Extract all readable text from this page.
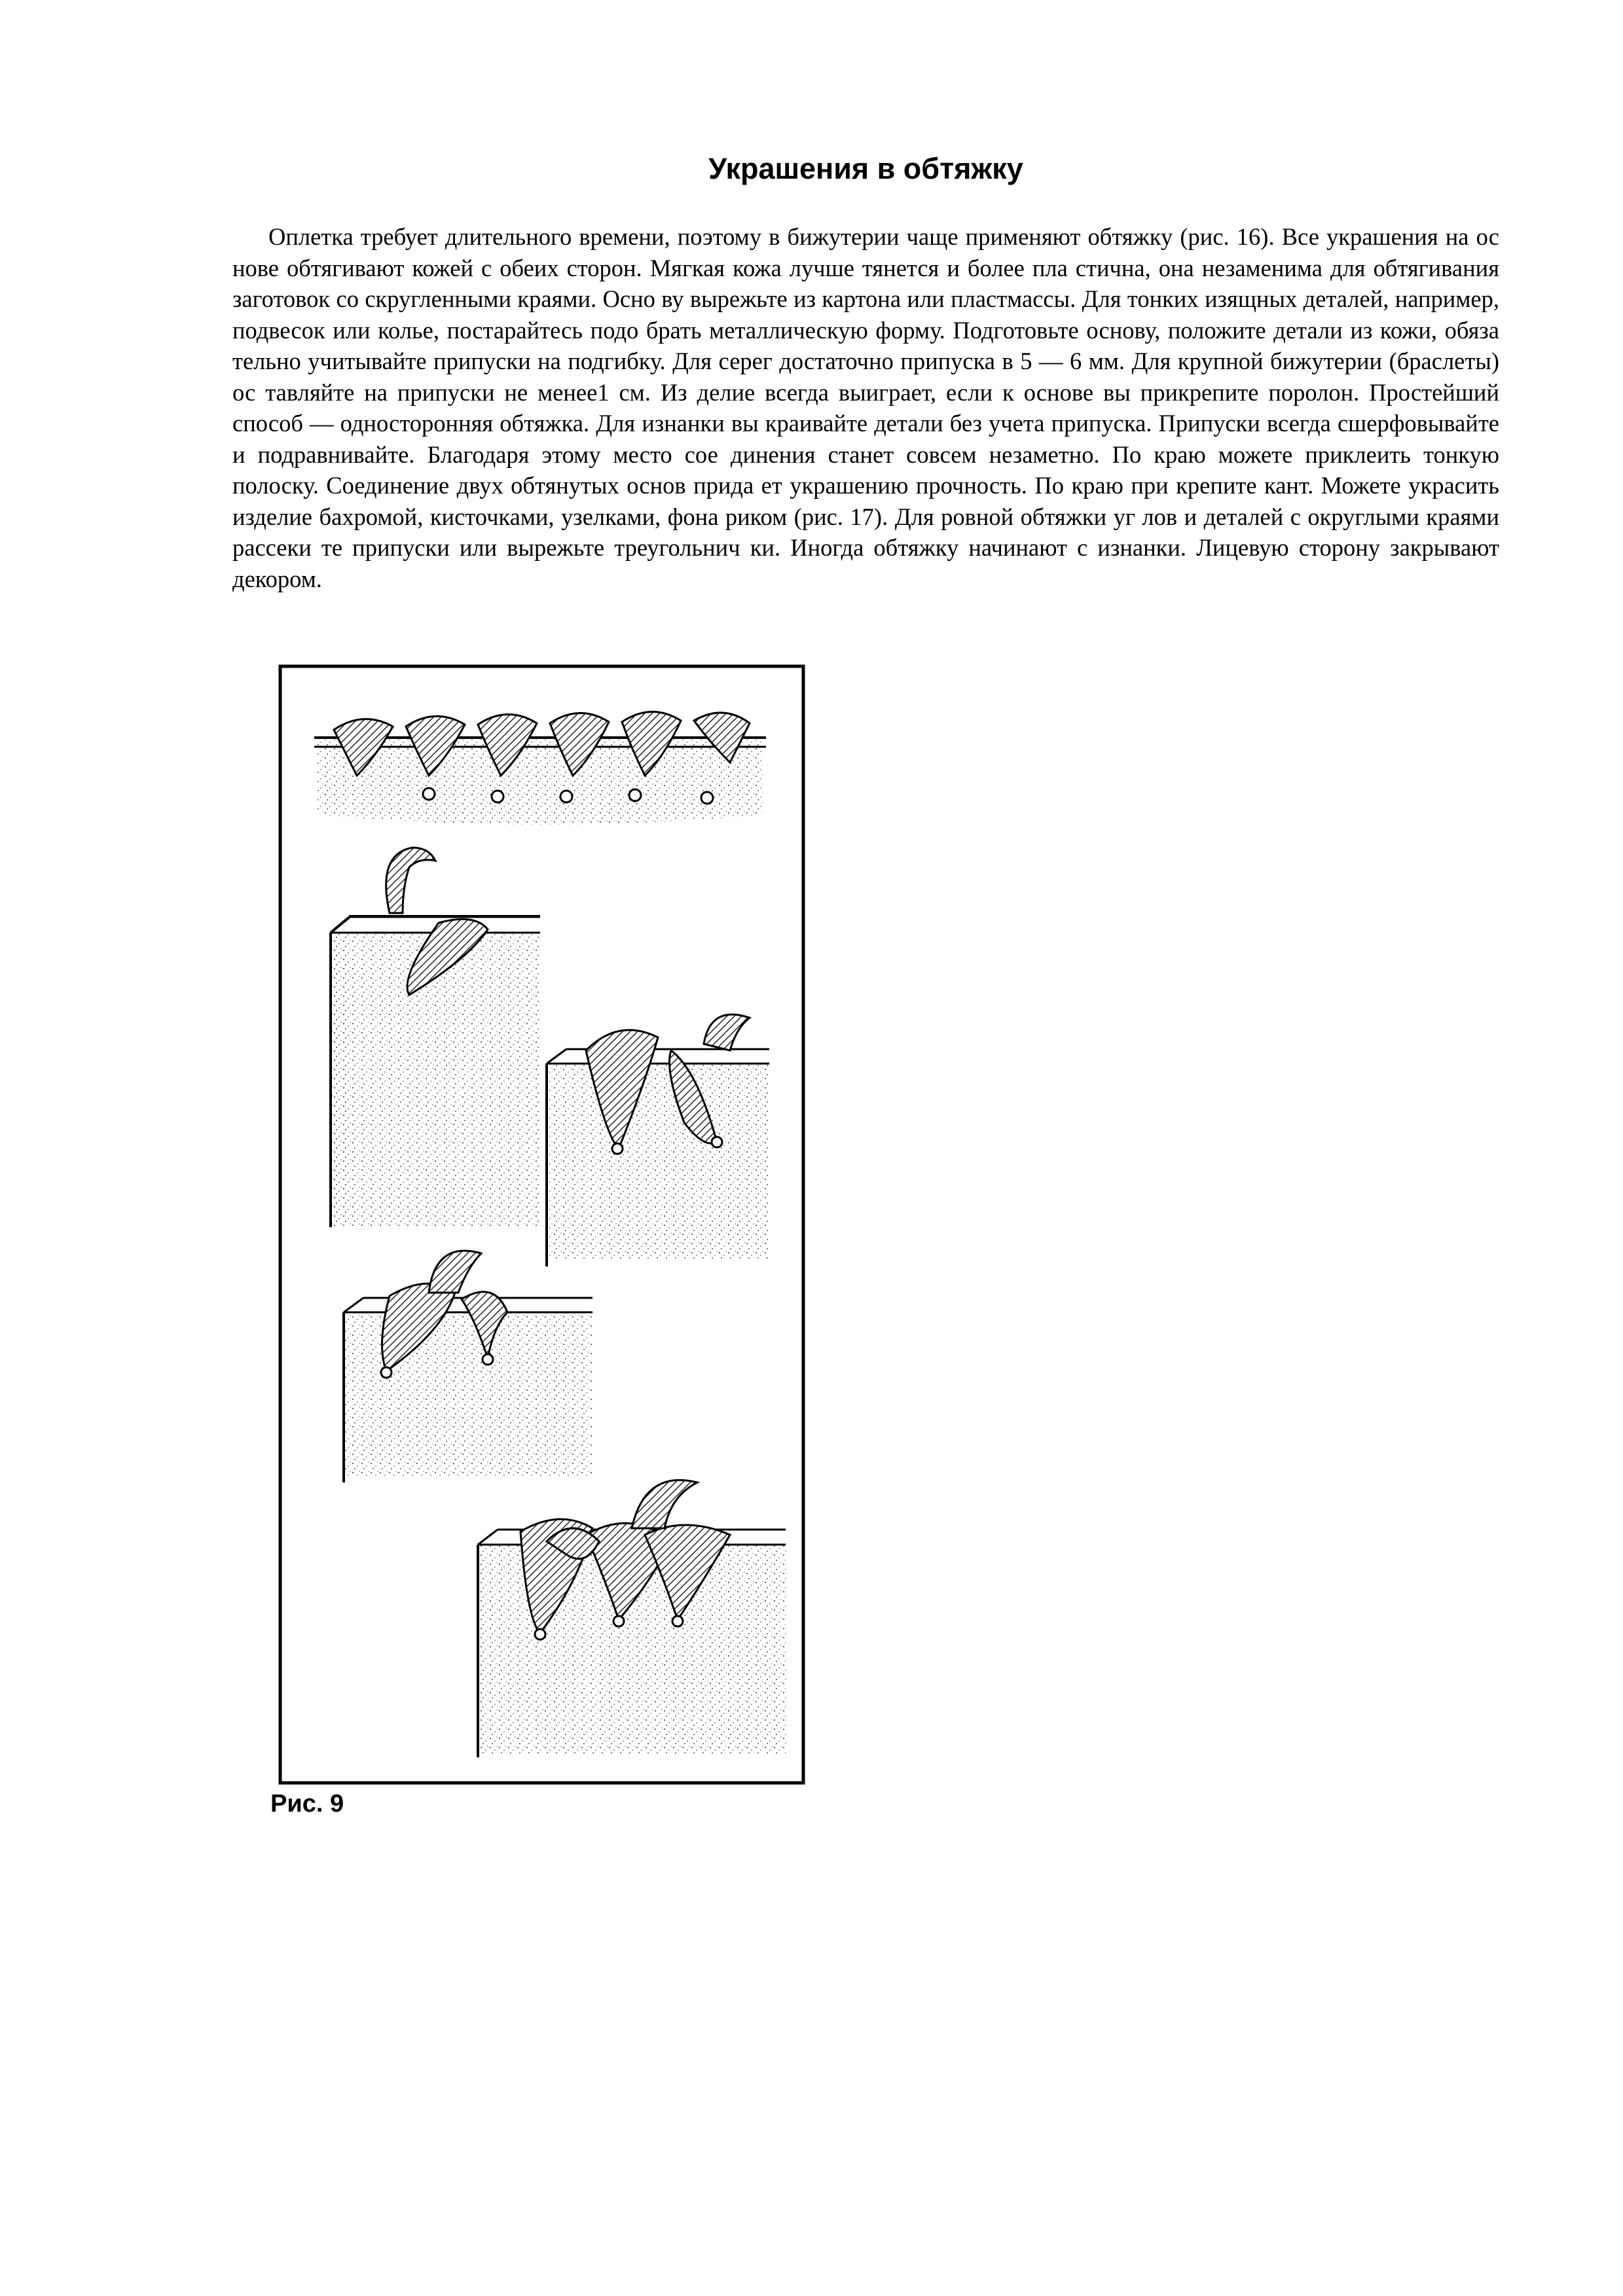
Украшения в обтяжку

Оплетка требует длительного времени, поэтому в бижутерии чаще применяют обтяжку (рис. 16). Все украшения на ос нове обтягивают кожей с обеих сторон. Мягкая кожа лучше тянется и более пла стична, она незаменима для обтягивания заготовок со скругленными краями. Осно ву вырежьте из картона или пластмассы. Для тонких изящных деталей, например, подвесок или колье, постарайтесь подо брать металлическую форму. Подготовьте основу, положите детали из кожи, обяза тельно учитывайте припуски на подгибку. Для серег достаточно припуска в 5 — 6 мм. Для крупной бижутерии (браслеты) ос тавляйте на припуски не менее1 см. Из делие всегда выиграет, если к основе вы прикрепите поролон. Простейший способ — односторонняя обтяжка. Для изнанки вы краивайте детали без учета припуска. Припуски всегда сшерфовывайте и подравнивайте. Благодаря этому место сое динения станет совсем незаметно. По краю можете приклеить тонкую полоску. Соединение двух обтянутых основ прида ет украшению прочность. По краю при крепите кант. Можете украсить изделие бахромой, кисточками, узелками, фона риком (рис. 17). Для ровной обтяжки уг лов и деталей с округлыми краями рассеки те припуски или вырежьте треугольнич ки. Иногда обтяжку начинают с изнанки. Лицевую сторону закрывают декором.

Рис. 9
